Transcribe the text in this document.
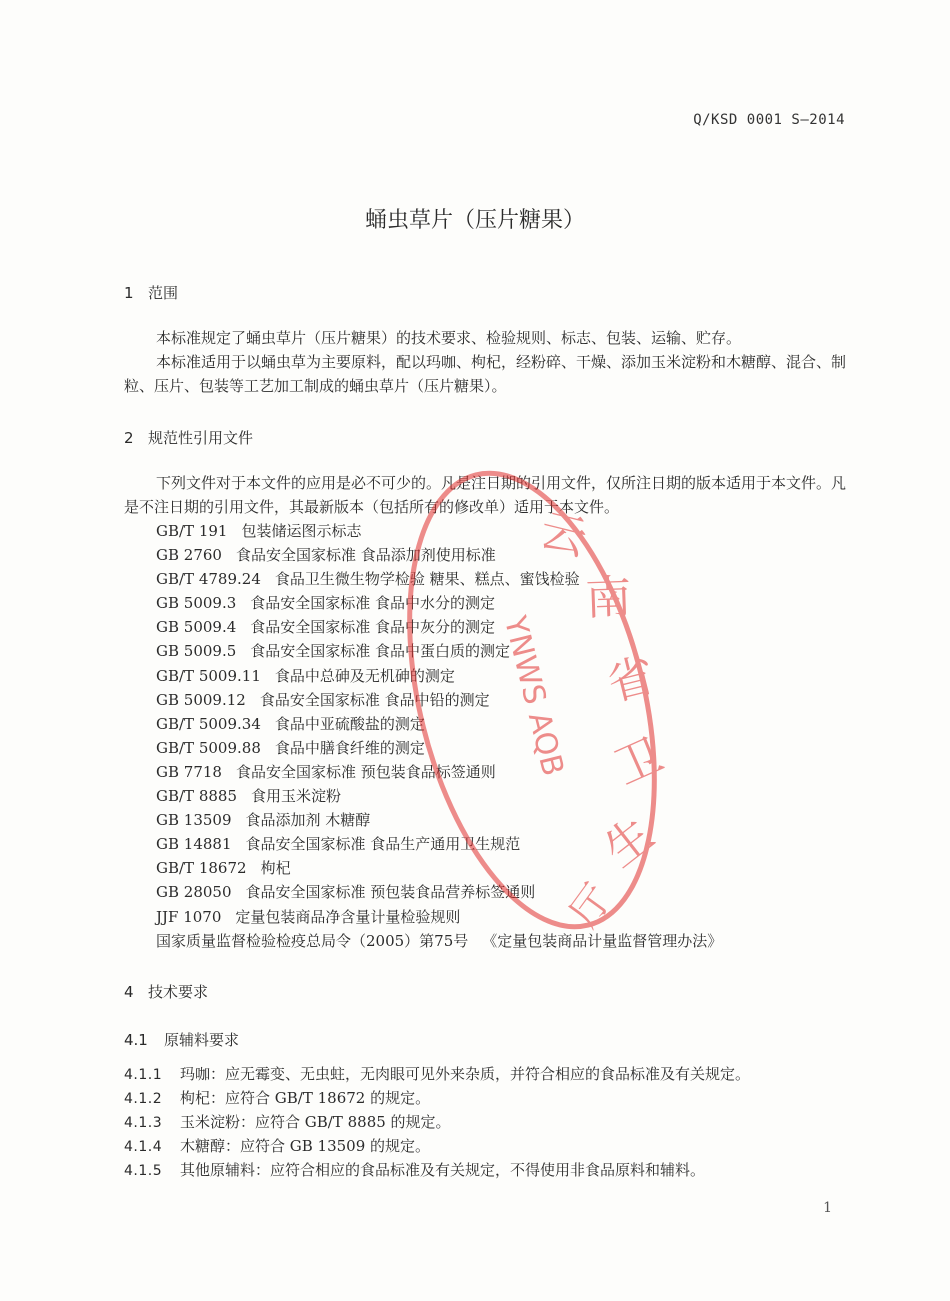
Q/KSD 0001 S—2014
蛹虫草片（压片糖果）
1 范围
本标准规定了蛹虫草片（压片糖果）的技术要求、检验规则、标志、包装、运输、贮存。
本标准适用于以蛹虫草为主要原料，配以玛咖、枸杞，经粉碎、干燥、添加玉米淀粉和木糖醇、混合、制粒、压片、包装等工艺加工制成的蛹虫草片（压片糖果）。
2 规范性引用文件
下列文件对于本文件的应用是必不可少的。凡是注日期的引用文件，仅所注日期的版本适用于本文件。凡是不注日期的引用文件，其最新版本（包括所有的修改单）适用于本文件。
GB/T 191 包装储运图示标志
GB 2760 食品安全国家标准 食品添加剂使用标准
GB/T 4789.24 食品卫生微生物学检验 糖果、糕点、蜜饯检验
GB 5009.3 食品安全国家标准 食品中水分的测定
GB 5009.4 食品安全国家标准 食品中灰分的测定
GB 5009.5 食品安全国家标准 食品中蛋白质的测定
GB/T 5009.11 食品中总砷及无机砷的测定
GB 5009.12 食品安全国家标准 食品中铅的测定
GB/T 5009.34 食品中亚硫酸盐的测定
GB/T 5009.88 食品中膳食纤维的测定
GB 7718 食品安全国家标准 预包装食品标签通则
GB/T 8885 食用玉米淀粉
GB 13509 食品添加剂 木糖醇
GB 14881 食品安全国家标准 食品生产通用卫生规范
GB/T 18672 枸杞
GB 28050 食品安全国家标准 预包装食品营养标签通则
JJF 1070 定量包装商品净含量计量检验规则
国家质量监督检验检疫总局令（2005）第75号 《定量包装商品计量监督管理办法》
4 技术要求
4.1 原辅料要求
4.1.1 玛咖：应无霉变、无虫蛀，无肉眼可见外来杂质，并符合相应的食品标准及有关规定。
4.1.2 枸杞：应符合 GB/T 18672 的规定。
4.1.3 玉米淀粉：应符合 GB/T 8885 的规定。
4.1.4 木糖醇：应符合 GB 13509 的规定。
4.1.5 其他原辅料：应符合相应的食品标准及有关规定，不得使用非食品原料和辅料。
1
云
南
省
卫
生
厅
YNWS AQB
